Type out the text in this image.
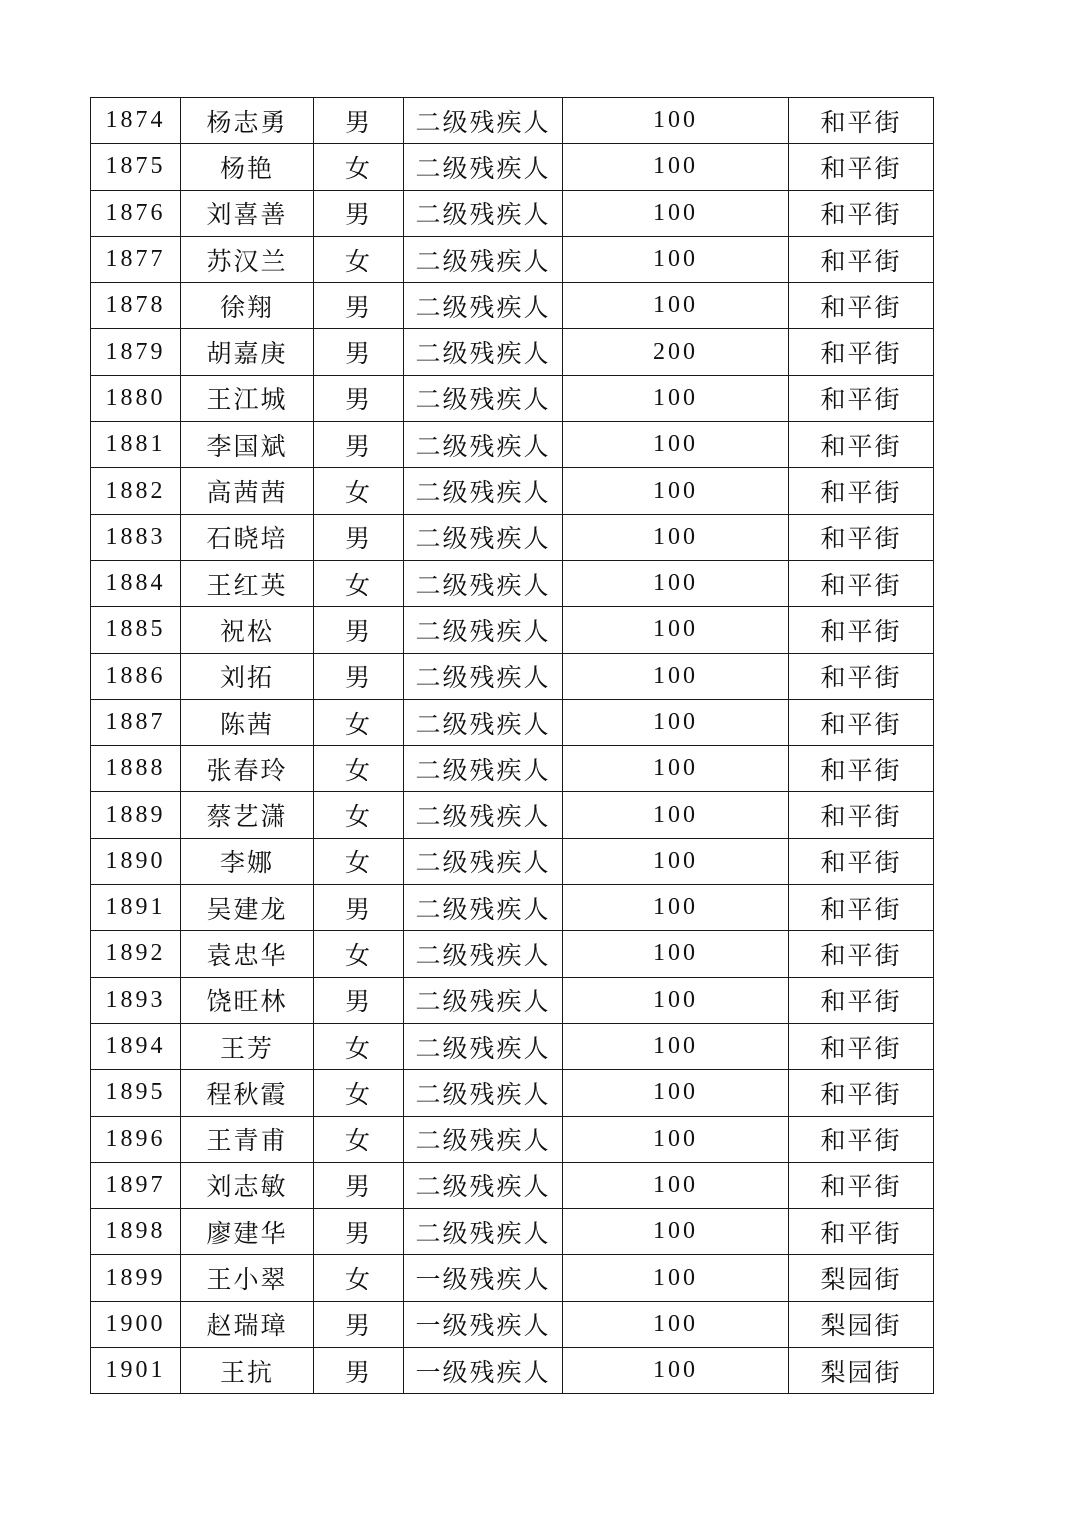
1874	杨志勇	男	二级残疾人	100	和平街
1875	杨艳	女	二级残疾人	100	和平街
1876	刘喜善	男	二级残疾人	100	和平街
1877	苏汉兰	女	二级残疾人	100	和平街
1878	徐翔	男	二级残疾人	100	和平街
1879	胡嘉庚	男	二级残疾人	200	和平街
1880	王江城	男	二级残疾人	100	和平街
1881	李国斌	男	二级残疾人	100	和平街
1882	高茜茜	女	二级残疾人	100	和平街
1883	石晓培	男	二级残疾人	100	和平街
1884	王红英	女	二级残疾人	100	和平街
1885	祝松	男	二级残疾人	100	和平街
1886	刘拓	男	二级残疾人	100	和平街
1887	陈茜	女	二级残疾人	100	和平街
1888	张春玲	女	二级残疾人	100	和平街
1889	蔡艺潇	女	二级残疾人	100	和平街
1890	李娜	女	二级残疾人	100	和平街
1891	吴建龙	男	二级残疾人	100	和平街
1892	袁忠华	女	二级残疾人	100	和平街
1893	饶旺林	男	二级残疾人	100	和平街
1894	王芳	女	二级残疾人	100	和平街
1895	程秋霞	女	二级残疾人	100	和平街
1896	王青甫	女	二级残疾人	100	和平街
1897	刘志敏	男	二级残疾人	100	和平街
1898	廖建华	男	二级残疾人	100	和平街
1899	王小翠	女	一级残疾人	100	梨园街
1900	赵瑞璋	男	一级残疾人	100	梨园街
1901	王抗	男	一级残疾人	100	梨园街
